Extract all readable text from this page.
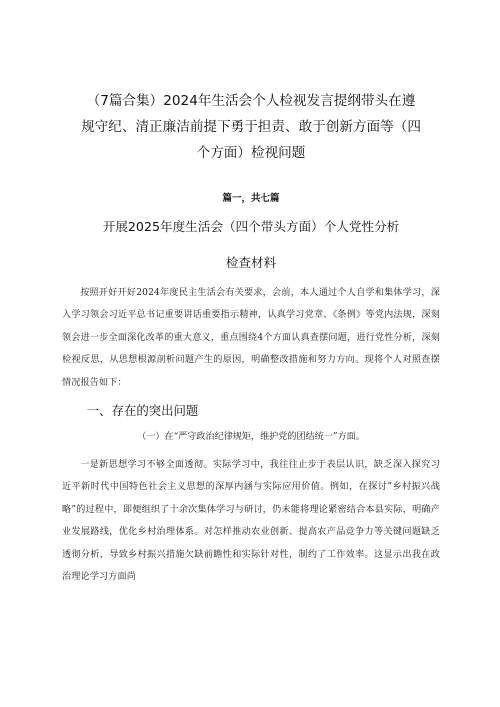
（7篇合集）2024年生活会个人检视发言提纲带头在遵

规守纪、清正廉洁前提下勇于担责、敢于创新方面等（四

个方面）检视问题

篇一，共七篇

开展2025年度生活会（四个带头方面）个人党性分析

检查材料

按照开好开好2024年度民主生活会有关要求，会前，本人通过个人自学和集体学习，深入学习领会习近平总书记重要讲话重要指示精神，认真学习党章、《条例》等党内法规，深刻领会进一步全面深化改革的重大意义，重点围绕4个方面认真查摆问题，进行党性分析，深刻检视反思，从思想根源剖析问题产生的原因，明确整改措施和努力方向。现将个人对照查摆情况报告如下：

一、存在的突出问题

（一）在“严守政治纪律规矩，维护党的团结统一”方面。

一是新思想学习不够全面透彻。实际学习中，我往往止步于表层认识，缺乏深入探究习近平新时代中国特色社会主义思想的深厚内涵与实际应用价值。例如，在探讨”乡村振兴战略”的过程中，即便组织了十余次集体学习与研讨，仍未能将理论紧密结合本县实际，明确产业发展路线，优化乡村治理体系。对怎样推动农业创新、提高农产品竞争力等关键问题缺乏透彻分析，导致乡村振兴措施欠缺前瞻性和实际针对性，制约了工作效率。这显示出我在政治理论学习方面尚
